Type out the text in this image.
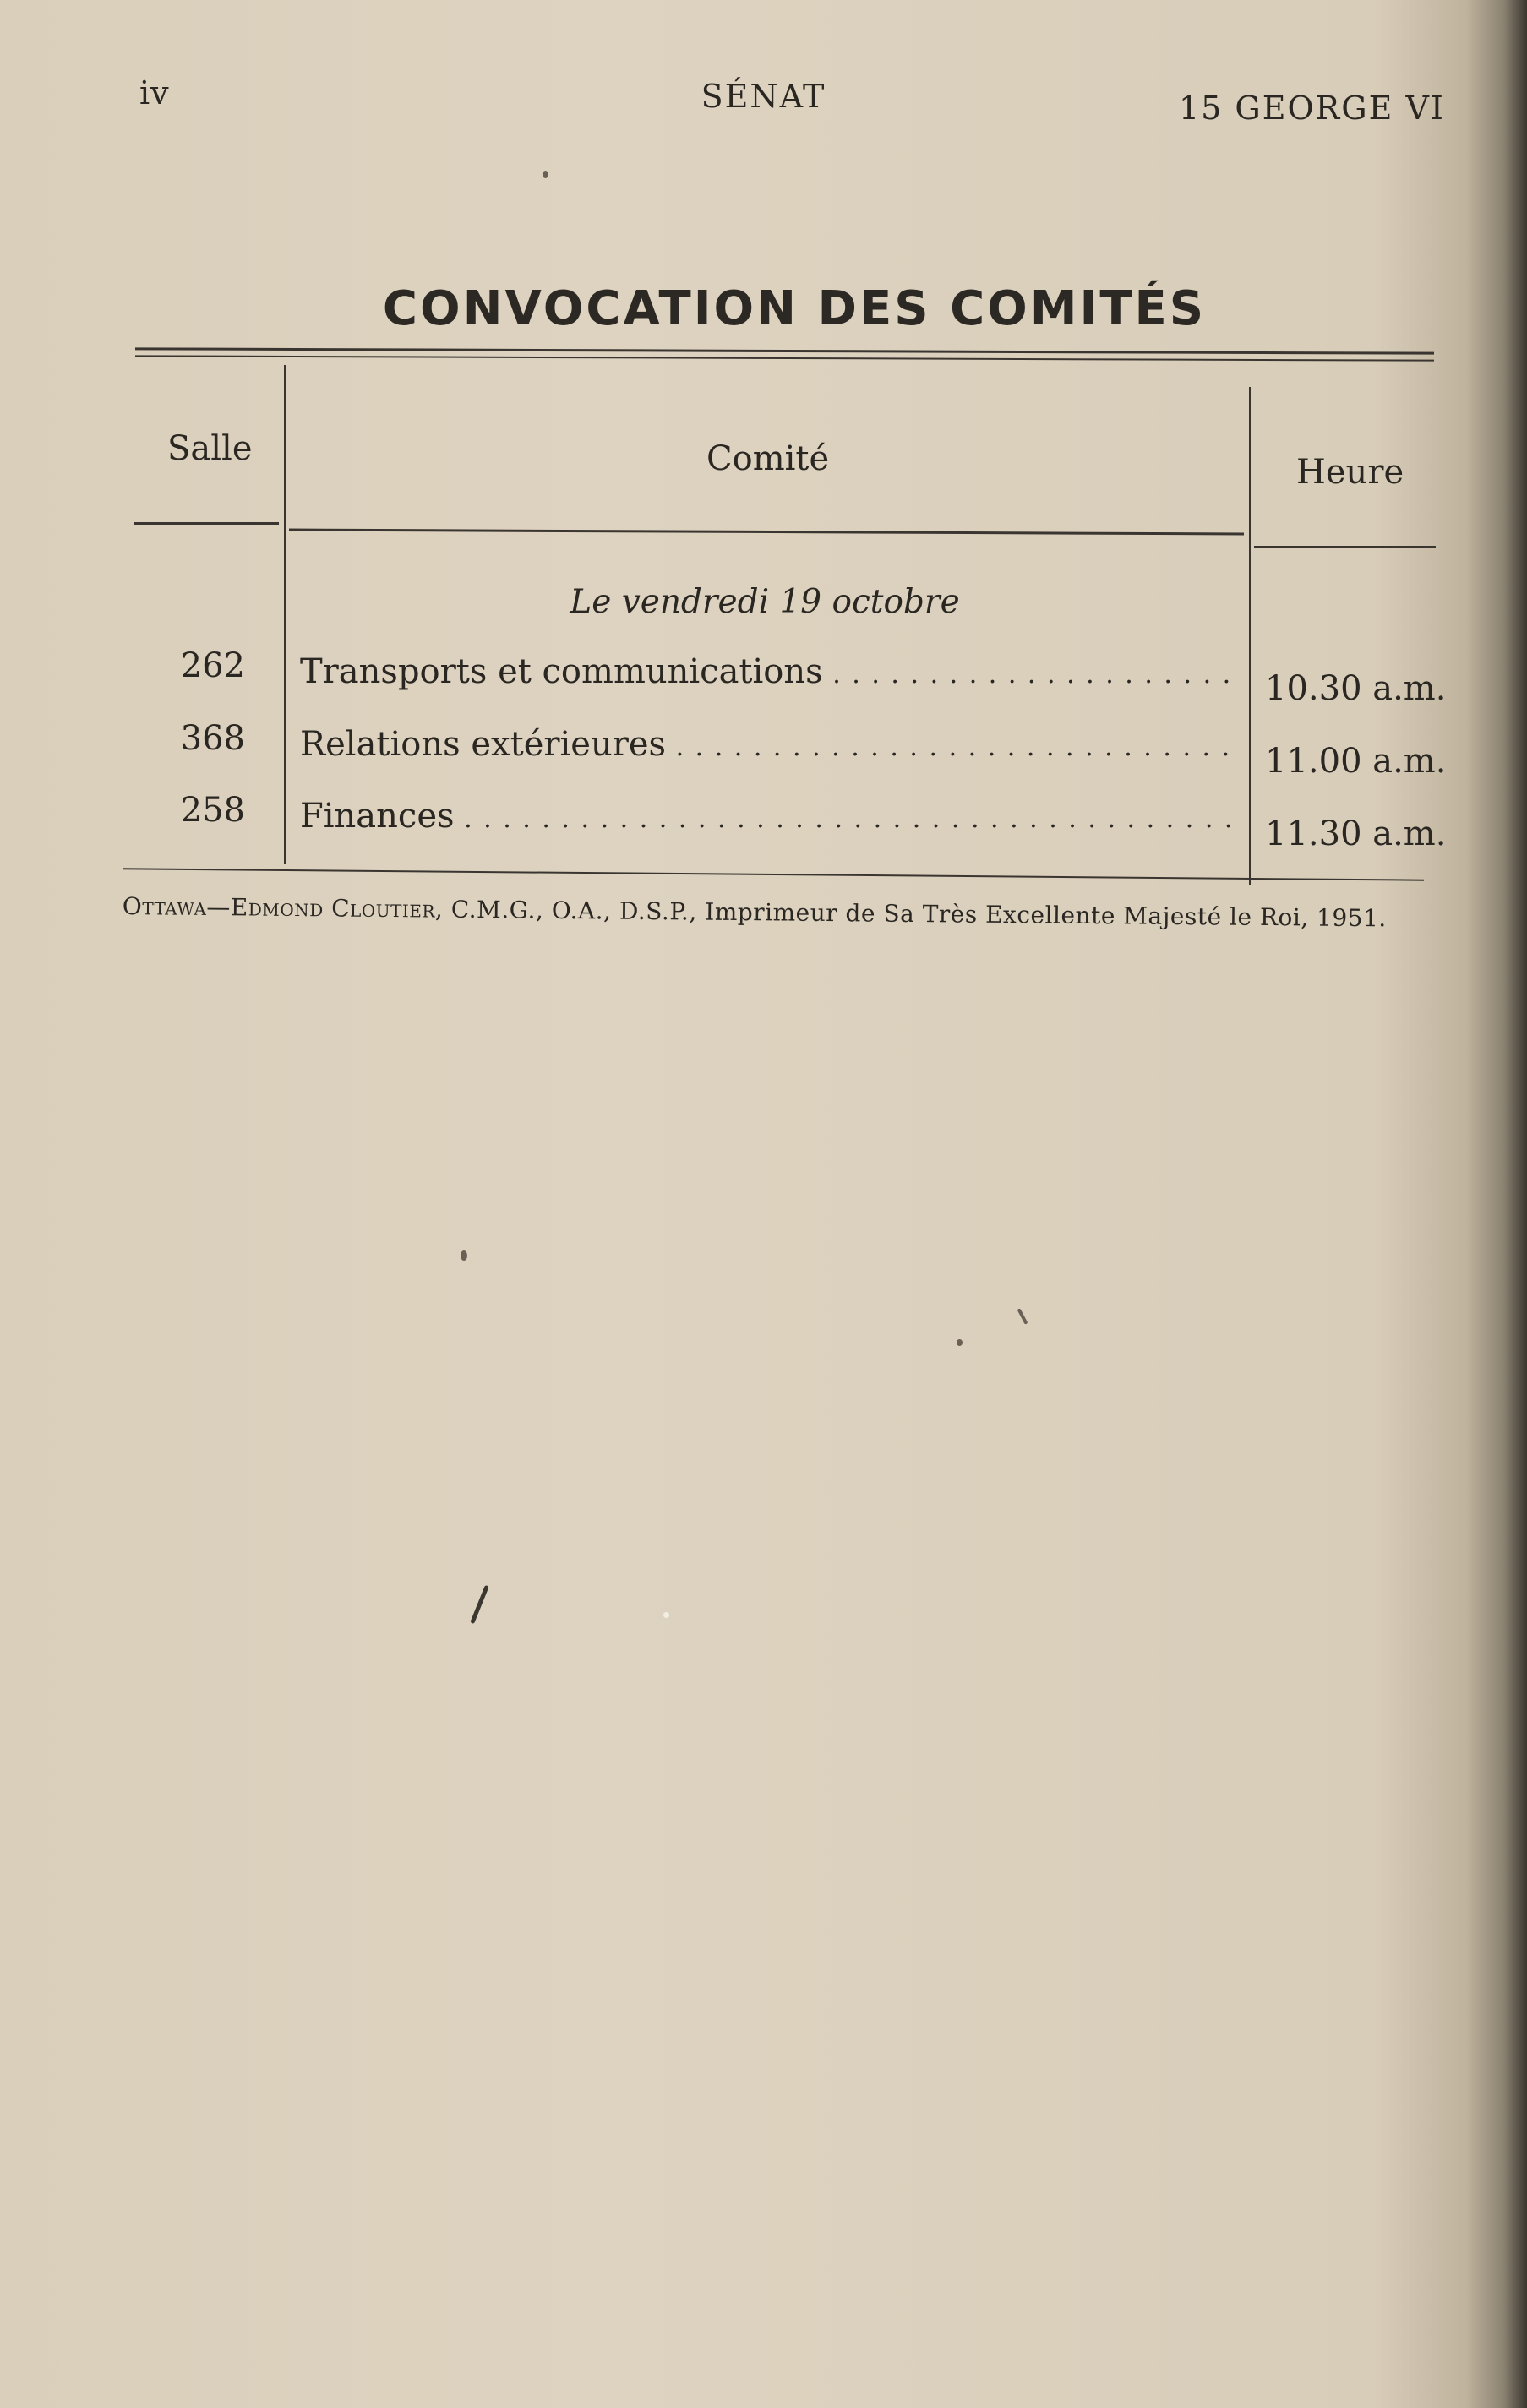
iv	SÉNAT	15 GEORGE VI
CONVOCATION DES COMITÉS
Salle	Comité	Heure
Le vendredi 19 octobre
262 Transports et communications . . .	10.30 a.m.
368 Relations extérieures . . .	11.00 a.m.
258 Finances . . .	11.30 a.m.
Ottawa—Edmond Cloutier, C.M.G., O.A., D.S.P., Imprimeur de Sa Très Excellente Majesté le Roi, 1951.
